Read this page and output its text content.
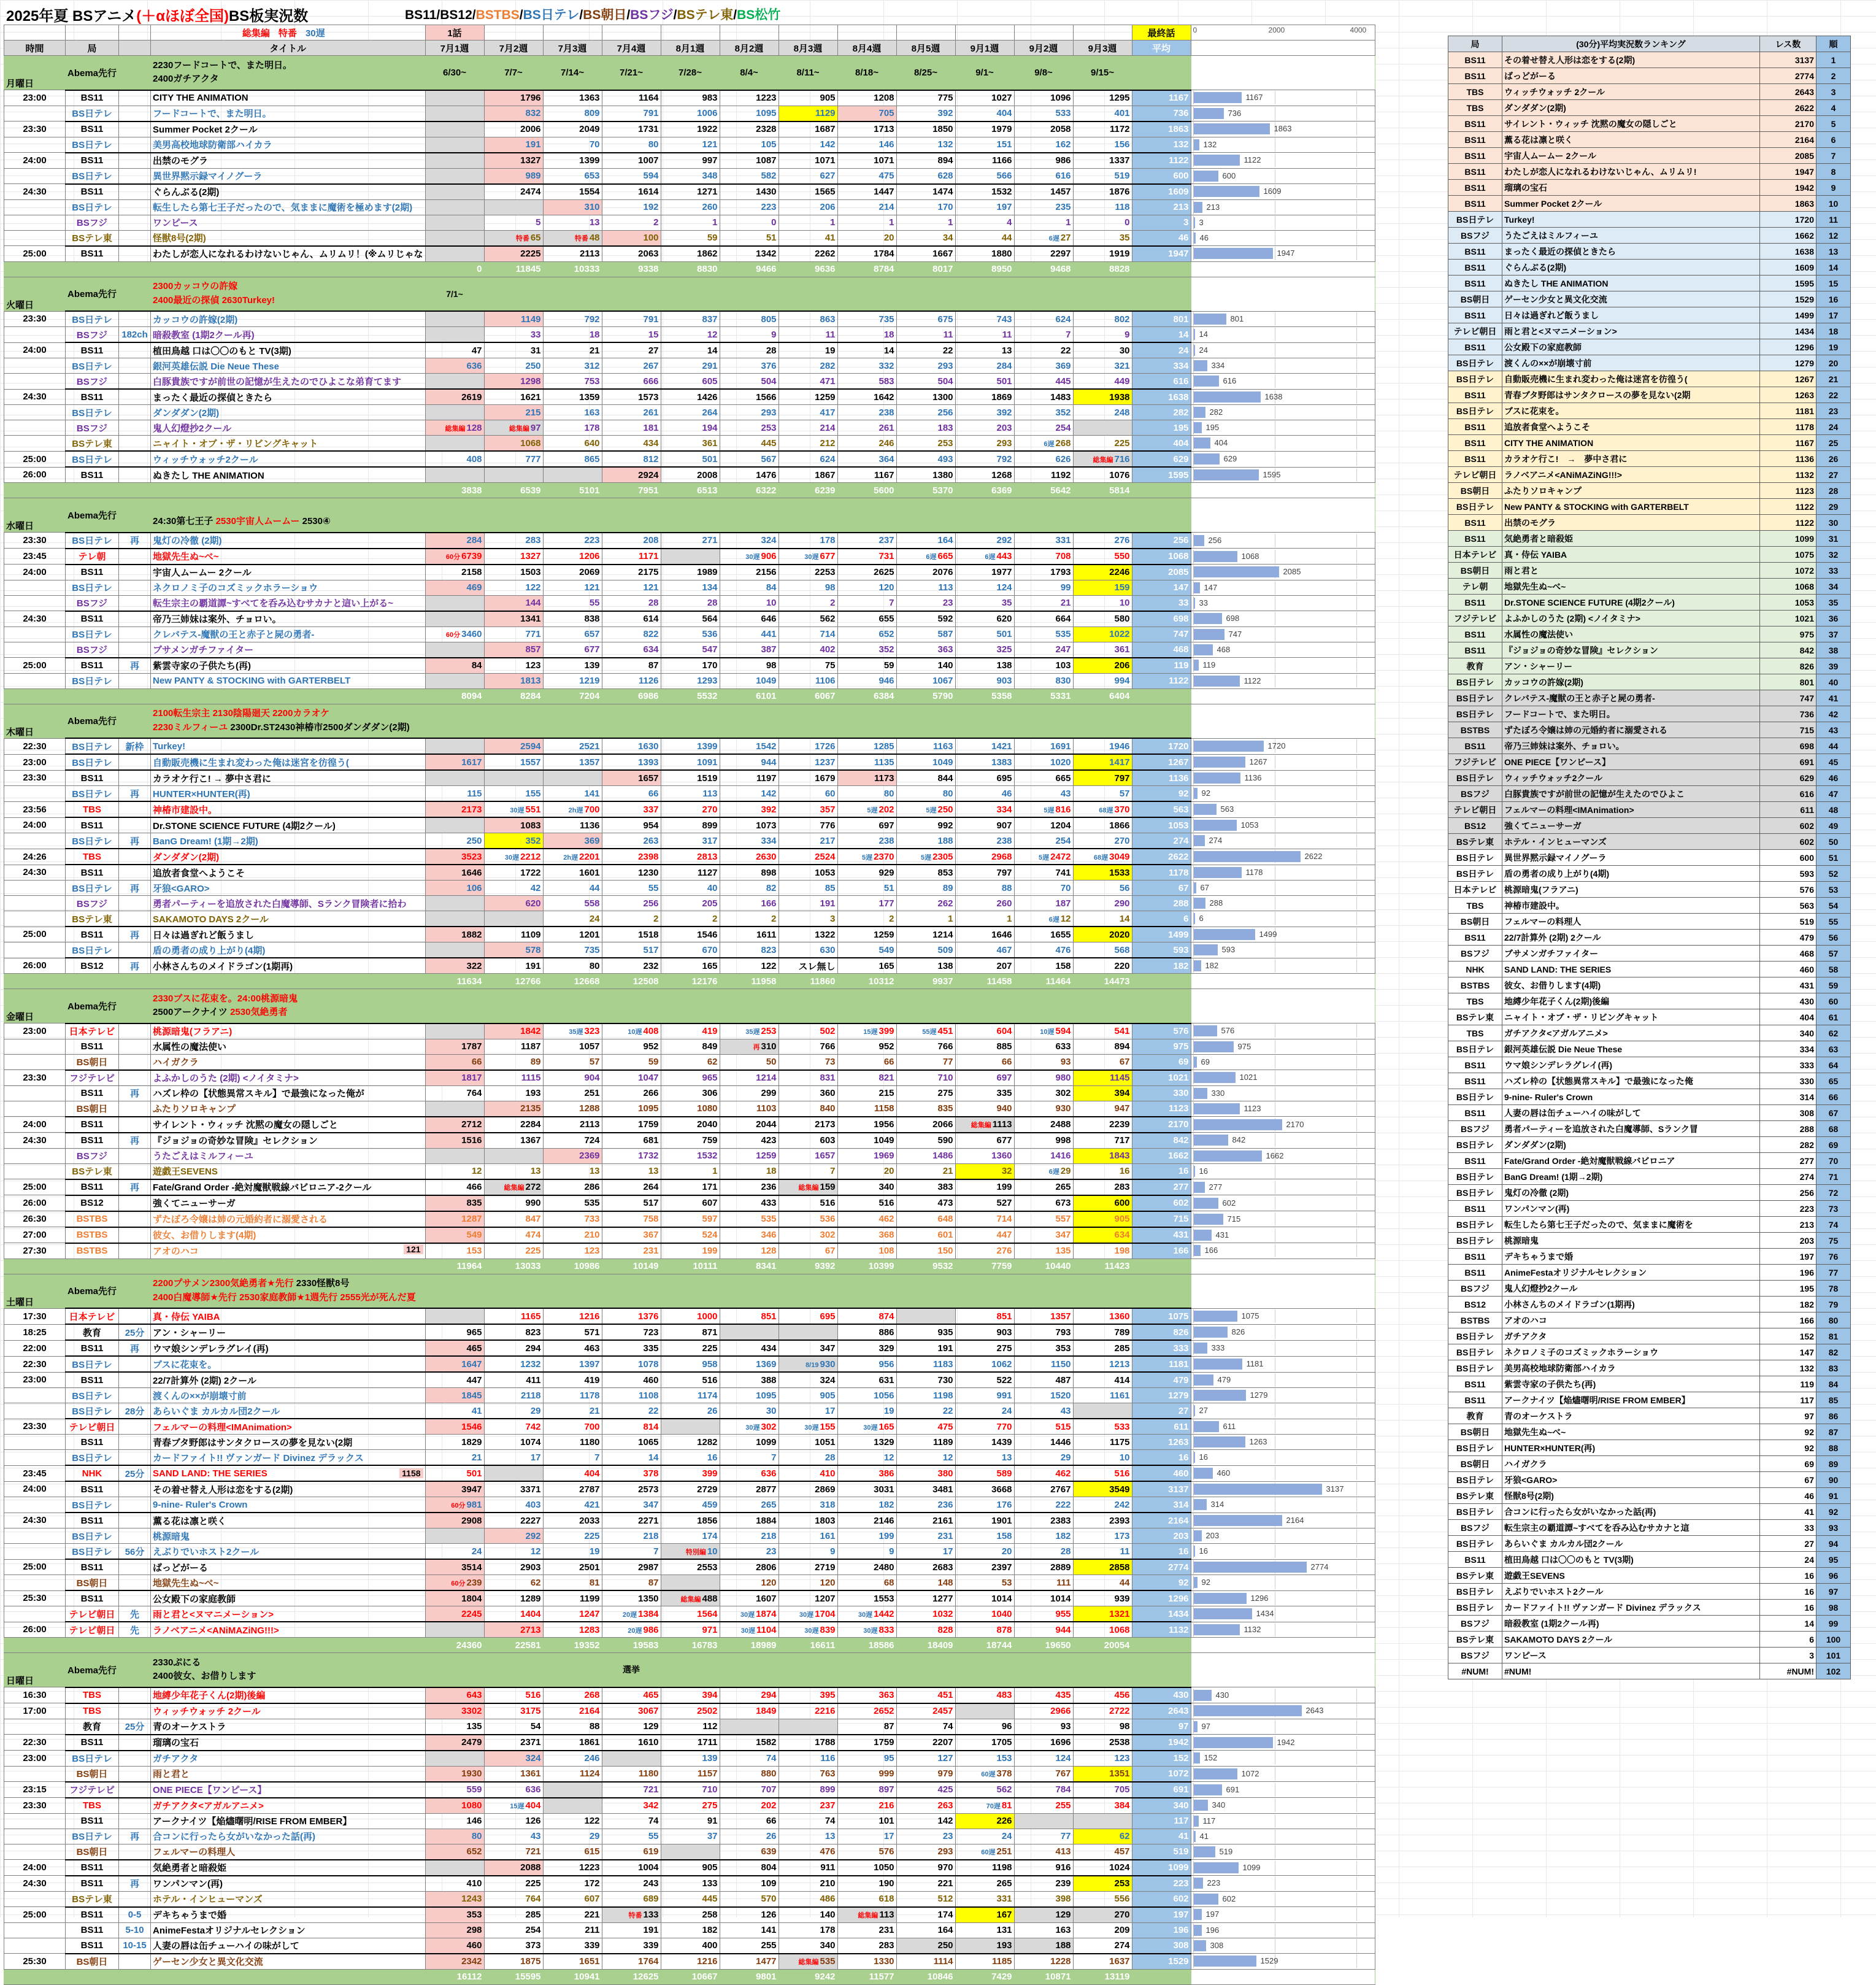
2025年夏 BSアニメ(＋αほぼ全国)BS板実況数	BS11/BS12/BSTBS/BS日テレ/BS朝日/BSフジ/BSテレ東/BS松竹
			総集編 特番 30遅	1話												最終話	0 2000 4000

時間	局		タイトル	7月1週	7月2週	7月3週	7月4週	8月1週	8月2週	8月3週	8月4週	8月5週	9月1週	9月2週	9月3週	平均	
月曜日	Abema先行		2230フードコートで、また明日。
2400ガチアクタ	6/30~	7/7~	7/14~	7/21~	7/28~	8/4~	8/11~	8/18~	8/25~	9/1~	9/8~	9/15~		
23:00	BS11		CITY THE ANIMATION		1796	1363	1164	983	1223	905	1208	775	1027	1096	1295	1167	1167

	BS日テレ		フードコートで、また明日。		832	809	791	1006	1095	1129	705	392	404	533	401	736	736

23:30	BS11		Summer Pocket 2クール		2006	2049	1731	1922	2328	1687	1713	1850	1979	2058	1172	1863	1863

	BS日テレ		美男高校地球防衛部ハイカラ		191	70	80	121	105	142	146	132	151	162	156	132	132

24:00	BS11		出禁のモグラ		1327	1399	1007	997	1087	1071	1071	894	1166	986	1337	1122	1122

	BS日テレ		異世界黙示録マイノグーラ		989	653	594	348	582	627	475	628	566	616	519	600	600

24:30	BS11		ぐらんぶる(2期)		2474	1554	1614	1271	1430	1565	1447	1474	1532	1457	1876	1609	1609

	BS日テレ		転生したら第七王子だったので、気ままに魔術を極めます(2期)			310	192	260	223	206	214	170	197	235	118	213	213

	BSフジ		ワンピース		5	13	2	1	0	1	1	1	4	1	0	3	3

	BSテレ東		怪獣8号(2期)		特番 65	特番 48	100	59	51	41	20	34	44	6遅 27	35	46	46

25:00	BS11		わたしが恋人になれるわけないじゃん、ムリムリ！(※ムリじゃな		2225	2113	2063	1862	1342	2262	1784	1667	1880	2297	1919	1947	1947

				0	11845	10333	9338	8830	9466	9636	8784	8017	8950	9468	8828		
火曜日	Abema先行		2300カッコウの許嫁
2400最近の探偵 2630Turkey!	7/1~													

23:30	BS日テレ		カッコウの許嫁(2期)		1149	792	791	837	805	863	735	675	743	624	802	801	801

	BSフジ	182ch	暗殺教室 (1期2クール再)		33	18	15	12	9	11	18	11	11	7	9	14	14

24:00	BS11		植田鳥越 口は〇〇のもと TV(3期)	47	31	21	27	14	28	19	14	22	13	22	30	24	24

	BS日テレ		銀河英雄伝説 Die Neue These	636	250	312	267	291	376	282	332	293	284	369	321	334	334

	BSフジ		白豚貴族ですが前世の記憶が生えたのでひよこな弟育てます		1298	753	666	605	504	471	583	504	501	445	449	616	616

24:30	BS11		まったく最近の探偵ときたら	2619	1621	1359	1573	1426	1566	1259	1642	1300	1869	1483	1938	1638	1638

	BS日テレ		ダンダダン(2期)		215	163	261	264	293	417	238	256	392	352	248	282	282

	BSフジ		鬼人幻燈抄2クール	総集編 128	総集編 97	178	181	194	253	214	261	183	203	254		195	195

	BSテレ東		ニャイト・オブ・ザ・リビングキャット		1068	640	434	361	445	212	246	253	293	6遅 268	225	404	404

25:00	BS日テレ		ウィッチウォッチ2クール	408	777	865	812	501	567	624	364	493	792	626	総集編 716	629	629

26:00	BS11		ぬきたし THE ANIMATION				2924	2008	1476	1867	1167	1380	1268	1192	1076	1595	1595

				3838	6539	5101	7951	6513	6322	6239	5600	5370	6369	5642	5814		
水曜日	Abema先行		24:30第七王子 2530宇宙人ムームー 2530④														

23:30	BS日テレ	再	鬼灯の冷徹 (2期)	284	283	223	208	271	324	178	237	164	292	331	276	256	256

23:45	テレ朝		地獄先生ぬ~べ~	60分 6739	1327	1206	1171		30遅 906	30遅 677	731	6遅 665	6遅 443	708	550	1068	1068

24:00	BS11		宇宙人ムームー 2クール	2158	1503	2069	2175	1989	2156	2253	2625	2076	1977	1793	2246	2085	2085

	BS日テレ		ネクロノミ子のコズミックホラーショウ	469	122	121	121	134	84	98	120	113	124	99	159	147	147

	BSフジ		転生宗主の覇道譚~すべてを呑み込むサカナと這い上がる~		144	55	28	28	10	2	7	23	35	21	10	33	33

24:30	BS11		帝乃三姉妹は案外、チョロい。		1341	838	614	564	646	562	655	592	620	664	580	698	698

	BS日テレ		クレバテス-魔獣の王と赤子と屍の勇者-	60分 3460	771	657	822	536	441	714	652	587	501	535	1022	747	747

	BSフジ		ブサメンガチファイター		857	677	634	547	387	402	352	363	325	247	361	468	468

25:00	BS11	再	紫雲寺家の子供たち(再)	84	123	139	87	170	98	75	59	140	138	103	206	119	119

	BS日テレ		New PANTY & STOCKING with GARTERBELT		1813	1219	1126	1293	1049	1106	946	1067	903	830	994	1122	1122

				8094	8284	7204	6986	5532	6101	6067	6384	5790	5358	5331	6404		
木曜日	Abema先行		2100転生宗主 2130陰陽廻天 2200カラオケ
2230ミルフィーユ 2300Dr.ST2430神椿市2500ダンダダン(2期)														

22:30	BS日テレ	新枠	Turkey!		2594	2521	1630	1399	1542	1726	1285	1163	1421	1691	1946	1720	1720

23:00	BS日テレ		自動販売機に生まれ変わった俺は迷宮を彷徨う(	1617	1557	1357	1393	1091	944	1237	1135	1049	1383	1020	1417	1267	1267

23:30	BS11		カラオケ行こ! → 夢中さ君に				1657	1519	1197	1679	1173	844	695	665	797	1136	1136

	BS日テレ	再	HUNTER×HUNTER(再)	115	155	141	66	113	142	60	80	80	46	43	57	92	92

23:56	TBS		神椿市建設中。	2173	30遅 551	2h遅 700	337	270	392	357	5遅 202	5遅 250	334	5遅 816	68遅 370	563	563

24:00	BS11		Dr.STONE SCIENCE FUTURE (4期2クール)		1083	1136	954	899	1073	776	697	992	907	1204	1866	1053	1053

	BS日テレ	再	BanG Dream! (1期→2期)	250	352	369	263	317	334	217	238	188	238	254	270	274	274

24:26	TBS		ダンダダン(2期)	3523	30遅 2212	2h遅 2201	2398	2813	2630	2524	5遅 2370	5遅 2305	2968	5遅 2472	68遅 3049	2622	2622

24:30	BS11		追放者食堂へようこそ	1646	1722	1601	1230	1127	898	1053	929	853	797	741	1533	1178	1178

	BS日テレ	再	牙狼<GARO>	106	42	44	55	40	82	85	51	89	88	70	56	67	67

	BSフジ		勇者パーティーを追放された白魔導師、Sランク冒険者に拾わ		620	558	256	205	166	191	177	262	260	187	290	288	288

	BSテレ東		SAKAMOTO DAYS 2クール			24	2	2	2	3	2	1	1	6遅 12	14	6	6

25:00	BS11	再	日々は過ぎれど飯うまし	1882	1109	1201	1518	1546	1611	1322	1259	1214	1646	1655	2020	1499	1499

	BS日テレ		盾の勇者の成り上がり(4期)		578	735	517	670	823	630	549	509	467	476	568	593	593

26:00	BS12	再	小林さんちのメイドラゴン(1期再)	322	191	80	232	165	122	スレ無し	165	138	207	158	220	182	182

				11634	12766	12668	12508	12176	11958	11860	10312	9937	11458	11464	14473		
金曜日	Abema先行		2330ブスに花束を。24:00桃源暗鬼
2500アークナイツ 2530気絶勇者														

23:00	日本テレビ		桃源暗鬼(フラアニ)		1842	35遅 323	10遅 408	419	35遅 253	502	15遅 399	55遅 451	604	10遅 594	541	576	576

	BS11		水属性の魔法使い	1787	1187	1057	952	849	再 310	766	952	766	885	633	894	975	975

	BS朝日		ハイガクラ	66	89	57	59	62	50	73	66	77	66	93	67	69	69

23:30	フジテレビ		よふかしのうた (2期) <ノイタミナ>	1817	1115	904	1047	965	1214	831	821	710	697	980	1145	1021	1021

	BS11	再	ハズレ枠の【状態異常スキル】で最強になった俺が	764	193	251	266	306	299	360	215	275	335	302	394	330	330

	BS朝日		ふたりソロキャンプ		2135	1288	1095	1080	1103	840	1158	835	940	930	947	1123	1123

24:00	BS11		サイレント・ウィッチ 沈黙の魔女の隠しごと	2712	2284	2113	1759	2040	2044	2173	1956	2066	総集編 1113	2488	2239	2170	2170

24:30	BS11	再	『ジョジョの奇妙な冒険』セレクション	1516	1367	724	681	759	423	603	1049	590	677	998	717	842	842

	BSフジ		うたごえはミルフィーユ			2369	1732	1532	1259	1657	1969	1486	1360	1416	1843	1662	1662

	BSテレ東		遊戯王SEVENS	12	13	13	13	1	18	7	20	21	32	6遅 29	16	16	16

25:00	BS11	再	Fate/Grand Order -絶対魔獣戦線バビロニア-2クール	466	総集編 272	286	264	171	236	総集編 159	340	383	199	265	283	277	277

26:00	BS12		強くてニューサーガ	835	990	535	517	607	433	516	516	473	527	673	600	602	602

26:30	BSTBS		ずたぼろ令嬢は姉の元婚約者に溺愛される	1287	847	733	758	597	535	536	462	648	714	557	905	715	715

27:00	BSTBS		彼女、お借りします(4期)	549	474	210	367	524	346	302	368	601	447	347	634	431	431

27:30	BSTBS		アオのハコ 121	153	225	123	231	199	128	67	108	150	276	135	198	166	166

				11964	13033	10986	10149	10111	8341	9392	10399	9532	7759	10440	11423		
土曜日	Abema先行		2200プサメン2300気絶勇者★先行 2330怪獣8号
2400白魔導師★先行 2530家庭教師★1週先行 2555光が死んだ夏														

17:30	日本テレビ		真・侍伝 YAIBA		1165	1216	1376	1000	851	695	874		851	1357	1360	1075	1075

18:25	教育	25分	アン・シャーリー	965	823	571	723	871			886	935	903	793	789	826	826

22:00	BS11	再	ウマ娘シンデレラグレイ(再)	465	294	463	335	225	434	347	329	191	275	353	285	333	333

22:30	BS日テレ		ブスに花束を。	1647	1232	1397	1078	958	1369	8/19 930	956	1183	1062	1150	1213	1181	1181

23:00	BS11		22/7計算外 (2期) 2クール	447	411	419	460	516	388	324	631	730	522	487	414	479	479

	BS日テレ		渡くんの××が崩壊寸前	1845	2118	1178	1108	1174	1095	905	1056	1198	991	1520	1161	1279	1279

	BS日テレ	28分	あらいぐま カルカル団2クール	41	29	21	22	26	30	17	19	22	24	43		27	27

23:30	テレビ朝日		フェルマーの料理<IMAnimation>	1546	742	700	814		30遅 302	30遅 155	30遅 165	475	770	515	533	611	611

	BS11		青春ブタ野郎はサンタクロースの夢を見ない(2期	1829	1074	1180	1065	1282	1099	1051	1329	1189	1439	1446	1175	1263	1263

	BS日テレ		カードファイト!! ヴァンガード Divinez デラックス	21	17	7	14	16	7	28	12	12	13	29	10	16	16

23:45	NHK	25分	SAND LAND: THE SERIES 1158	501		404	378	399	636	410	386	380	589	462	516	460	460

24:00	BS11		その着せ替え人形は恋をする(2期)	3947	3371	2787	2573	2729	2877	2869	3031	3481	3668	2767	3549	3137	3137

	BS日テレ		9-nine- Ruler's Crown	60分 981	403	421	347	459	265	318	182	236	176	222	242	314	314

24:30	BS11		薫る花は凛と咲く	2908	2227	2033	2271	1856	1884	1803	2146	2161	1901	2383	2393	2164	2164

	BS日テレ		桃源暗鬼		292	225	218	174	218	161	199	231	158	182	173	203	203

	BS日テレ	56分	えぶりでいホスト2クール	24	12	19	7	特別編 10	23	9	9	17	20	28	11	16	16

25:00	BS11		ばっどがーる	3514	2903	2501	2987	2553	2806	2719	2480	2683	2397	2889	2858	2774	2774

	BS朝日		地獄先生ぬ~べ~	60分 239	62	81	87		120	120	68	148	53	111	44	92	92

25:30	BS11		公女殿下の家庭教師	1804	1289	1199	1350	総集編 488	1607	1207	1553	1277	1014	1014	939	1296	1296

	テレビ朝日	先	雨と君と<ヌマニメーション>	2245	1404	1247	20遅 1384	1564	30遅 1874	30遅 1704	30遅 1442	1032	1040	955	1321	1434	1434

26:00	テレビ朝日	先	ラノベアニメ<ANiMAZiNG!!!>		2713	1283	20遅 986	971	30遅 1104	30遅 839	30遅 833	828	878	944	1068	1132	1132

				24360	22581	19352	19583	16783	18989	16611	18586	18409	18744	19650	20054		
日曜日	Abema先行		2330ぷにる
2400彼女、お借りします				選挙										

16:30	TBS		地縛少年花子くん(2期)後編	643	516	268	465	394	294	395	363	451	483	435	456	430	430

17:00	TBS		ウィッチウォッチ 2クール	3302	3175	2164	3067	2502	1849	2216	2652	2457		2966	2722	2643	2643

	教育	25分	青のオーケストラ	135	54	88	129	112			87	74	96	93	98	97	97

22:30	BS11		瑠璃の宝石	2479	2371	1861	1610	1711	1582	1788	1759	2207	1705	1696	2538	1942	1942

23:00	BS日テレ		ガチアクタ		324	246		139	74	116	95	127	153	124	123	152	152

	BS朝日		雨と君と	1930	1361	1124	1180	1157	880	763	999	979	60遅 378	767	1351	1072	1072

23:15	フジテレビ		ONE PIECE【ワンピース】	559	636		721	710	707	899	897	425	562	784	705	691	691

23:30	TBS		ガチアクタ<アガルアニメ>	1080	15遅 404		342	275	202	237	216	263	70遅 81	255	384	340	340

	BS11		アークナイツ【焔燼曙明/RISE FROM EMBER】	146	126	122	74	91	66	74	101	142	226			117	117

	BS日テレ	再	合コンに行ったら女がいなかった話(再)	80	43	29	55	37	26	13	17	23	24	77	62	41	41

	BS朝日		フェルマーの料理人	652	721	615	619		639	476	576	293	60遅 251	413	457	519	519

24:00	BS11		気絶勇者と暗殺姫		2088	1223	1004	905	804	911	1050	970	1198	916	1024	1099	1099

24:30	BS11	再	ワンパンマン(再)	410	225	172	243	133	109	210	190	221	265	239	253	223	223

	BSテレ東		ホテル・インヒューマンズ	1243	764	607	689	445	570	486	618	512	331	398	556	602	602

25:00	BS11	0-5	デキちゃうまで婚	353	285	221	特番 133	258	126	140	総集編 113	174	167	129	270	197	197

	BS11	5-10	AnimeFestaオリジナルセレクション	298	254	211	191	182	141	178	231	164	131	163	209	196	196

	BS11	10-15	人妻の唇は缶チューハイの味がして	460	373	339	339	400	255	340	283	250	193	188	274	308	308

25:30	BS朝日		ゲーセン少女と異文化交流	2342	1875	1651	1764	1216	1477	総集編 535	1330	1114	1185	1228	1637	1529	1529

				16112	15595	10941	12625	10667	9801	9242	11577	10846	7429	10871	13119		
局	(30分)平均実況数ランキング	レス数	順
BS11	その着せ替え人形は恋をする(2期)	3137	1
BS11	ばっどがーる	2774	2
TBS	ウィッチウォッチ 2クール	2643	3
TBS	ダンダダン(2期)	2622	4
BS11	サイレント・ウィッチ 沈黙の魔女の隠しごと	2170	5
BS11	薫る花は凛と咲く	2164	6
BS11	宇宙人ムームー 2クール	2085	7
BS11	わたしが恋人になれるわけないじゃん、ムリムリ!	1947	8
BS11	瑠璃の宝石	1942	9
BS11	Summer Pocket 2クール	1863	10
BS日テレ	Turkey!	1720	11
BSフジ	うたごえはミルフィーユ	1662	12
BS11	まったく最近の探偵ときたら	1638	13
BS11	ぐらんぶる(2期)	1609	14
BS11	ぬきたし THE ANIMATION	1595	15
BS朝日	ゲーセン少女と異文化交流	1529	16
BS11	日々は過ぎれど飯うまし	1499	17
テレビ朝日	雨と君と<ヌマニメーション>	1434	18
BS11	公女殿下の家庭教師	1296	19
BS日テレ	渡くんの××が崩壊寸前	1279	20
BS日テレ	自動販売機に生まれ変わった俺は迷宮を彷徨う(	1267	21
BS11	青春ブタ野郎はサンタクロースの夢を見ない(2期	1263	22
BS日テレ	ブスに花束を。	1181	23
BS11	追放者食堂へようこそ	1178	24
BS11	CITY THE ANIMATION	1167	25
BS11	カラオケ行こ!　→　夢中さ君に	1136	26
テレビ朝日	ラノベアニメ<ANiMAZiNG!!!>	1132	27
BS朝日	ふたりソロキャンプ	1123	28
BS日テレ	New PANTY & STOCKING with GARTERBELT	1122	29
BS11	出禁のモグラ	1122	30
BS11	気絶勇者と暗殺姫	1099	31
日本テレビ	真・侍伝 YAIBA	1075	32
BS朝日	雨と君と	1072	33
テレ朝	地獄先生ぬ~べ~	1068	34
BS11	Dr.STONE SCIENCE FUTURE (4期2クール)	1053	35
フジテレビ	よふかしのうた (2期) <ノイタミナ>	1021	36
BS11	水属性の魔法使い	975	37
BS11	『ジョジョの奇妙な冒険』セレクション	842	38
教育	アン・シャーリー	826	39
BS日テレ	カッコウの許嫁(2期)	801	40
BS日テレ	クレバテス-魔獣の王と赤子と屍の勇者-	747	41
BS日テレ	フードコートで、また明日。	736	42
BSTBS	ずたぼろ令嬢は姉の元婚約者に溺愛される	715	43
BS11	帝乃三姉妹は案外、チョロい。	698	44
フジテレビ	ONE PIECE【ワンピース】	691	45
BS日テレ	ウィッチウォッチ2クール	629	46
BSフジ	白豚貴族ですが前世の記憶が生えたのでひよこ	616	47
テレビ朝日	フェルマーの料理<IMAnimation>	611	48
BS12	強くてニューサーガ	602	49
BSテレ東	ホテル・インヒューマンズ	602	50
BS日テレ	異世界黙示録マイノグーラ	600	51
BS日テレ	盾の勇者の成り上がり(4期)	593	52
日本テレビ	桃源暗鬼(フラアニ)	576	53
TBS	神椿市建設中。	563	54
BS朝日	フェルマーの料理人	519	55
BS11	22/7計算外 (2期) 2クール	479	56
BSフジ	ブサメンガチファイター	468	57
NHK	SAND LAND: THE SERIES	460	58
BSTBS	彼女、お借りします(4期)	431	59
TBS	地縛少年花子くん(2期)後編	430	60
BSテレ東	ニャイト・オブ・ザ・リビングキャット	404	61
TBS	ガチアクタ<アガルアニメ>	340	62
BS日テレ	銀河英雄伝説 Die Neue These	334	63
BS11	ウマ娘シンデレラグレイ(再)	333	64
BS11	ハズレ枠の【状態異常スキル】で最強になった俺	330	65
BS日テレ	9-nine- Ruler's Crown	314	66
BS11	人妻の唇は缶チューハイの味がして	308	67
BSフジ	勇者パーティーを追放された白魔導師、Sランク冒	288	68
BS日テレ	ダンダダン(2期)	282	69
BS11	Fate/Grand Order -絶対魔獣戦線バビロニア	277	70
BS日テレ	BanG Dream! (1期→2期)	274	71
BS日テレ	鬼灯の冷徹 (2期)	256	72
BS11	ワンパンマン(再)	223	73
BS日テレ	転生したら第七王子だったので、気ままに魔術を	213	74
BS日テレ	桃源暗鬼	203	75
BS11	デキちゃうまで婚	197	76
BS11	AnimeFestaオリジナルセレクション	196	77
BSフジ	鬼人幻燈抄2クール	195	78
BS12	小林さんちのメイドラゴン(1期再)	182	79
BSTBS	アオのハコ	166	80
BS日テレ	ガチアクタ	152	81
BS日テレ	ネクロノミ子のコズミックホラーショウ	147	82
BS日テレ	美男高校地球防衛部ハイカラ	132	83
BS11	紫雲寺家の子供たち(再)	119	84
BS11	アークナイツ【焔燼曙明/RISE FROM EMBER】	117	85
教育	青のオーケストラ	97	86
BS朝日	地獄先生ぬ~べ~	92	87
BS日テレ	HUNTER×HUNTER(再)	92	88
BS朝日	ハイガクラ	69	89
BS日テレ	牙狼<GARO>	67	90
BSテレ東	怪獣8号(2期)	46	91
BS日テレ	合コンに行ったら女がいなかった話(再)	41	92
BSフジ	転生宗主の覇道譚~すべてを呑み込むサカナと這	33	93
BS日テレ	あらいぐま カルカル団2クール	27	94
BS11	植田鳥越 口は〇〇のもと TV(3期)	24	95
BSテレ東	遊戯王SEVENS	16	96
BS日テレ	えぶりでいホスト2クール	16	97
BS日テレ	カードファイト!! ヴァンガード Divinez デラックス	16	98
BSフジ	暗殺教室 (1期2クール再)	14	99
BSテレ東	SAKAMOTO DAYS 2クール	6	100
BSフジ	ワンピース	3	101
#NUM!	#NUM!	#NUM!	102
